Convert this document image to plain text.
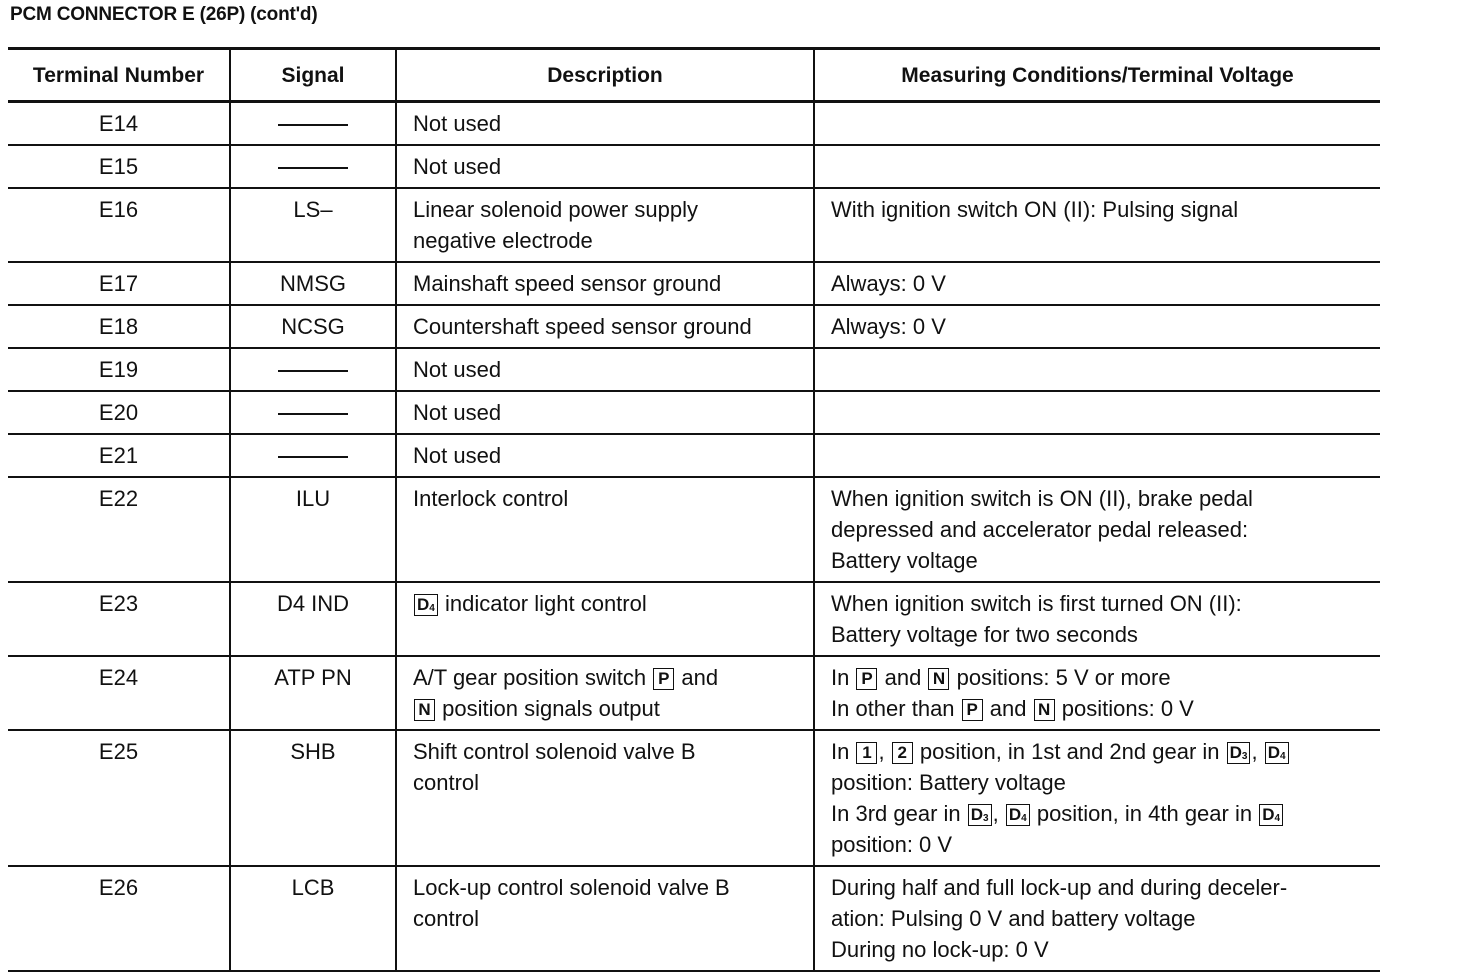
PCM CONNECTOR E (26P) (cont'd)
Terminal Number	Signal	Description	Measuring Conditions/Terminal Voltage
E14		Not used	
E15		Not used	
E16	LS–	Linear solenoid power supply
negative electrode	With ignition switch ON (II): Pulsing signal
E17	NMSG	Mainshaft speed sensor ground	Always: 0 V
E18	NCSG	Countershaft speed sensor ground	Always: 0 V
E19		Not used	
E20		Not used	
E21		Not used	
E22	ILU	Interlock control	When ignition switch is ON (II), brake pedal
depressed and accelerator pedal released:
Battery voltage

E23	D4 IND	$D_4$ indicator light control	When ignition switch is first turned ON (II):
Battery voltage for two seconds

E24	ATP PN	A/T gear position switch P and
N position signals output	In P and N positions: 5 V or more
In other than P and N positions: 0 V

E25	SHB	Shift control solenoid valve B
control	In 1 , 2 position, in 1st and 2nd gear in $D_3$ , $D_4$
position: Battery voltage
In 3rd gear in $D_3$ , $D_4$ position, in 4th gear in $D_4$
position: 0 V

E26	LCB	Lock-up control solenoid valve B
control	During half and full lock-up and during deceler-
ation: Pulsing 0 V and battery voltage
During no lock-up: 0 V
